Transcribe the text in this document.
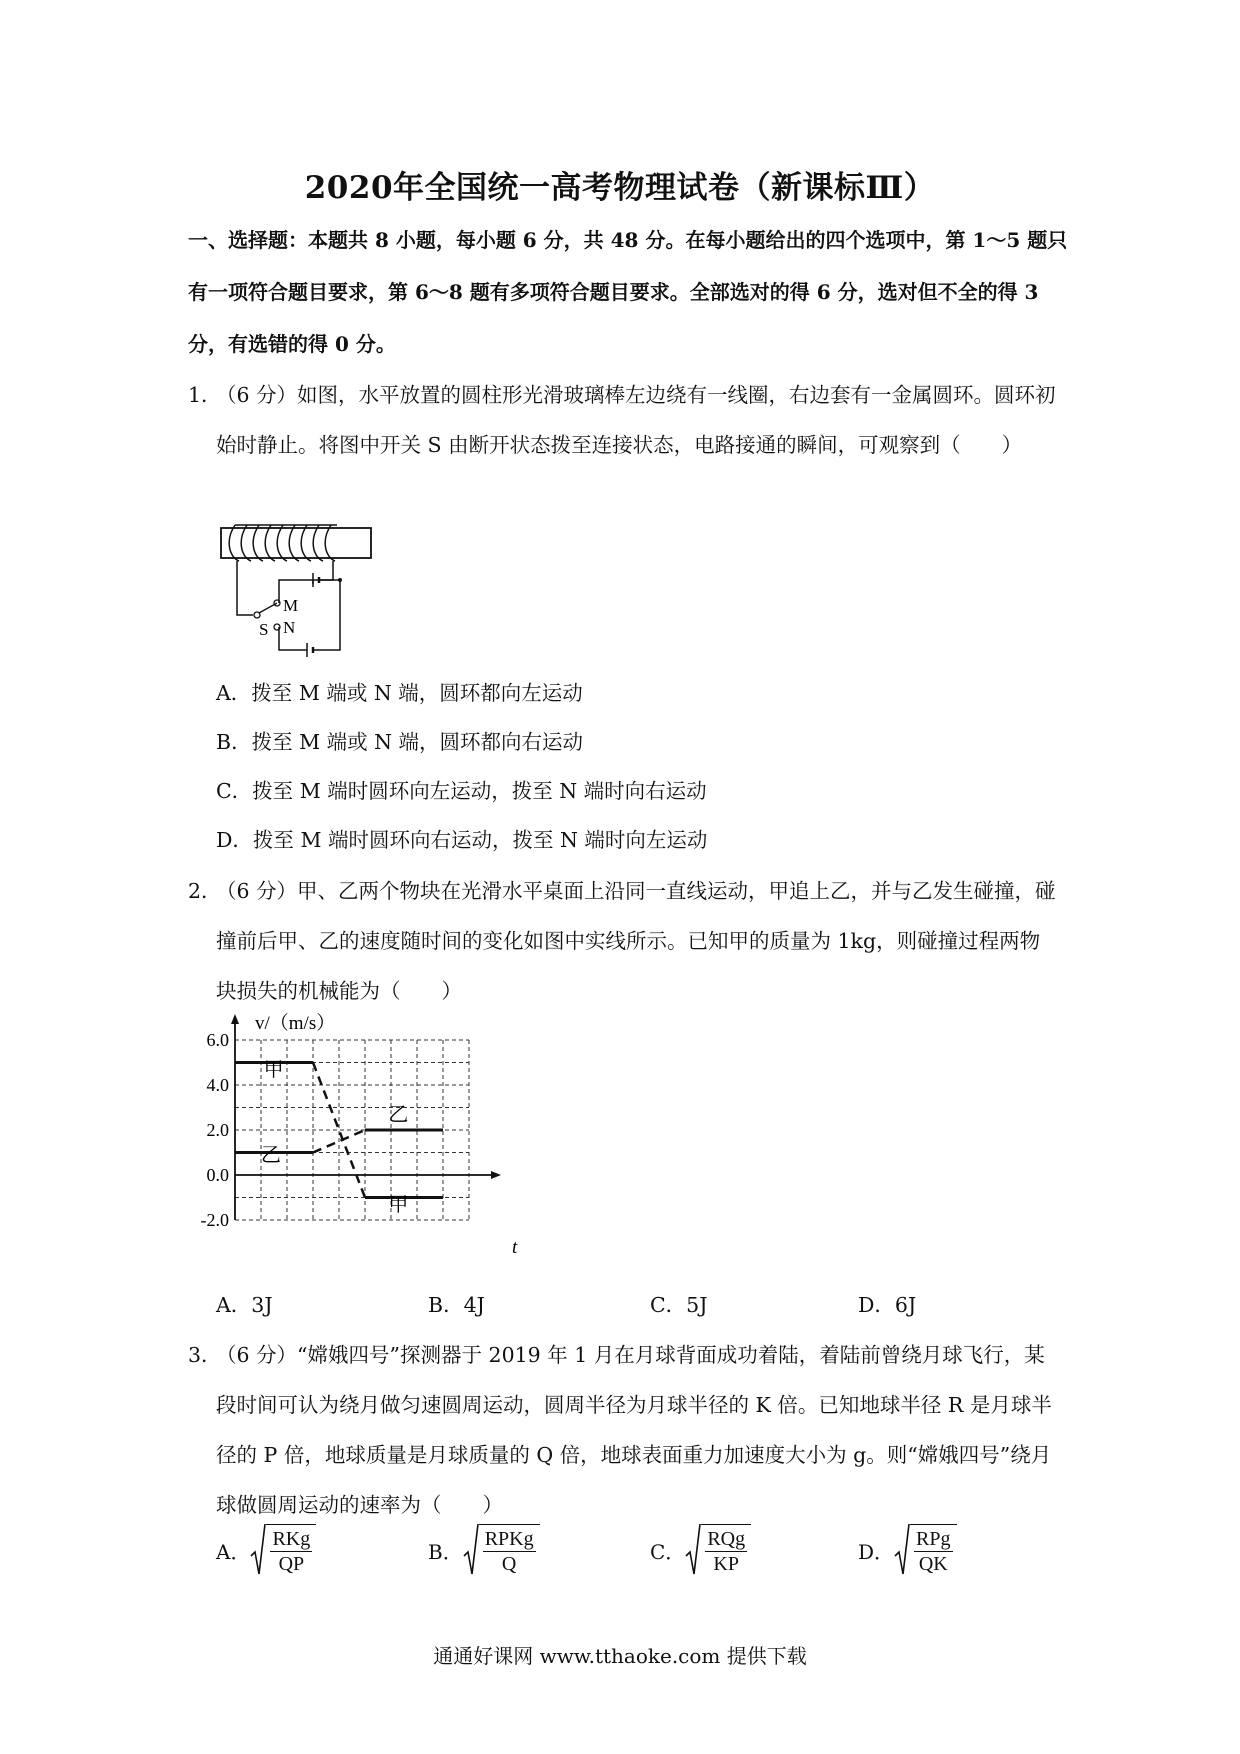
2020年全国统一高考物理试卷（新课标Ⅲ）
一、选择题：本题共 8 小题，每小题 6 分，共 48 分。在每小题给出的四个选项中，第 1～5 题只有一项符合题目要求，第 6～8 题有多项符合题目要求。全部选对的得 6 分，选对但不全的得 3 分，有选错的得 0 分。
1．
（6 分）如图，水平放置的圆柱形光滑玻璃棒左边绕有一线圈，右边套有一金属圆环。圆环初始时静止。将图中开关 S 由断开状态拨至连接状态，电路接通的瞬间，可观察到（　　）
M
N
S
A．拨至 M 端或 N 端，圆环都向左运动
B．拨至 M 端或 N 端，圆环都向右运动
C．拨至 M 端时圆环向左运动，拨至 N 端时向右运动
D．拨至 M 端时圆环向右运动，拨至 N 端时向左运动
2．
（6 分）甲、乙两个物块在光滑水平桌面上沿同一直线运动，甲追上乙，并与乙发生碰撞，碰撞前后甲、乙的速度随时间的变化如图中实线所示。已知甲的质量为 1kg，则碰撞过程两物块损失的机械能为（　　）
6.0
4.0
2.0
0.0
-2.0
甲
甲
乙
乙
v/（m/s）
t
A．3J	B．4J	C．5J	D．6J
3．
（6 分）“嫦娥四号”探测器于 2019 年 1 月在月球背面成功着陆，着陆前曾绕月球飞行，某段时间可认为绕月做匀速圆周运动，圆周半径为月球半径的 K 倍。已知地球半径 R 是月球半径的 P 倍，地球质量是月球质量的 Q 倍，地球表面重力加速度大小为 g。则“嫦娥四号”绕月球做圆周运动的速率为（　　）
A． $\frac{\text{RKg}}{QP}$	B． $\frac{\text{RPKg}}{Q}$	C． $\frac{\text{RQg}}{KP}$	D． $\frac{\text{RPg}}{QK}$
通通好课网 www.tthaoke.com 提供下载
